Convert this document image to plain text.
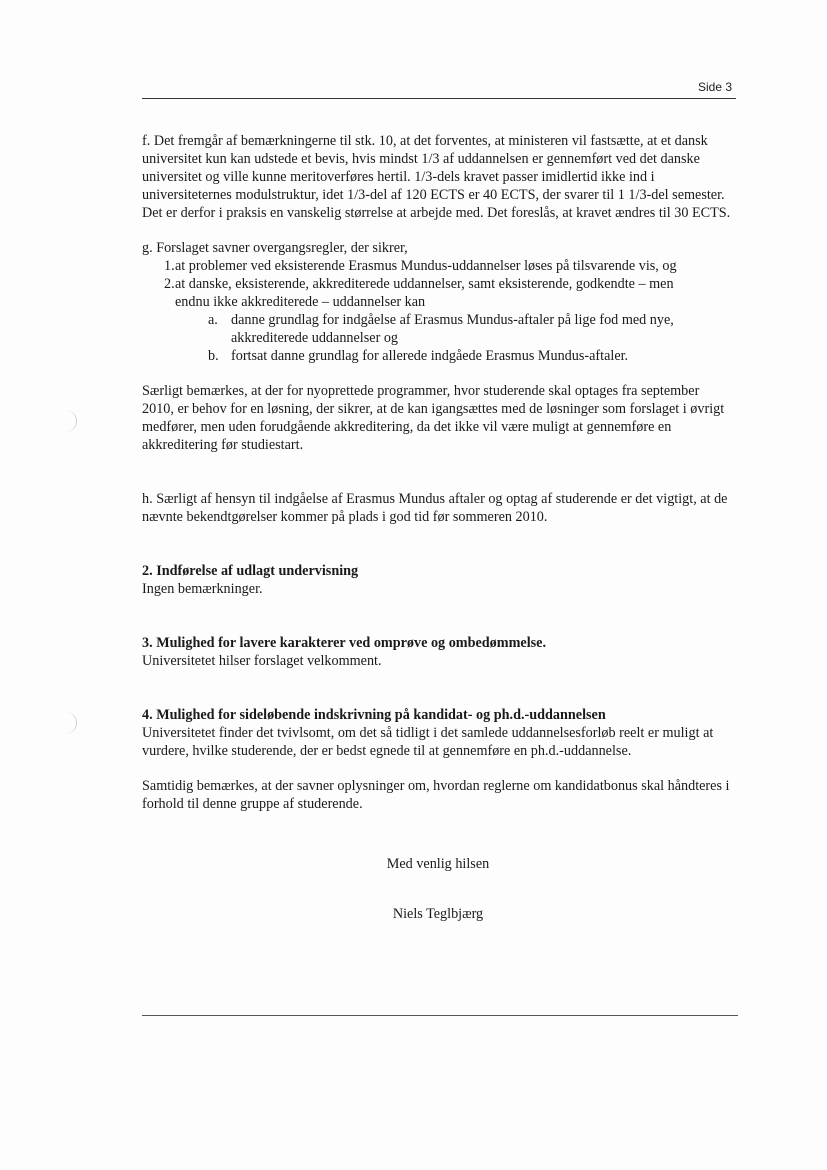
Side 3

f. Det fremgår af bemærkningerne til stk. 10, at det forventes, at ministeren vil fastsætte, at et dansk universitet kun kan udstede et bevis, hvis mindst 1/3 af uddannelsen er gennemført ved det danske universitet og ville kunne meritoverføres hertil. 1/3-dels kravet passer imidlertid ikke ind i universiteternes modulstruktur, idet 1/3-del af 120 ECTS er 40 ECTS, der svarer til 1 1/3-del semester. Det er derfor i praksis en vanskelig størrelse at arbejde med. Det foreslås, at kravet ændres til 30 ECTS.

g. Forslaget savner overgangsregler, der sikrer,

1. at problemer ved eksisterende Erasmus Mundus-uddannelser løses på tilsvarende vis, og
2. at danske, eksisterende, akkrediterede uddannelser, samt eksisterende, godkendte – men
endnu ikke akkrediterede – uddannelser kan
a. danne grundlag for indgåelse af Erasmus Mundus-aftaler på lige fod med nye, akkrediterede uddannelser og
b. fortsat danne grundlag for allerede indgåede Erasmus Mundus-aftaler.

Særligt bemærkes, at der for nyoprettede programmer, hvor studerende skal optages fra september 2010, er behov for en løsning, der sikrer, at de kan igangsættes med de løsninger som forslaget i øvrigt medfører, men uden forudgående akkreditering, da det ikke vil være muligt at gennemføre en akkreditering før studiestart.

h. Særligt af hensyn til indgåelse af Erasmus Mundus aftaler og optag af studerende er det vigtigt, at de nævnte bekendtgørelser kommer på plads i god tid før sommeren 2010.

2. Indførelse af udlagt undervisning

Ingen bemærkninger.

3. Mulighed for lavere karakterer ved omprøve og ombedømmelse.

Universitetet hilser forslaget velkomment.

4. Mulighed for sideløbende indskrivning på kandidat- og ph.d.-uddannelsen

Universitetet finder det tvivlsomt, om det så tidligt i det samlede uddannelsesforløb reelt er muligt at vurdere, hvilke studerende, der er bedst egnede til at gennemføre en ph.d.-uddannelse.

Samtidig bemærkes, at der savner oplysninger om, hvordan reglerne om kandidatbonus skal håndteres i forhold til denne gruppe af studerende.

Med venlig hilsen
Niels Teglbjærg
